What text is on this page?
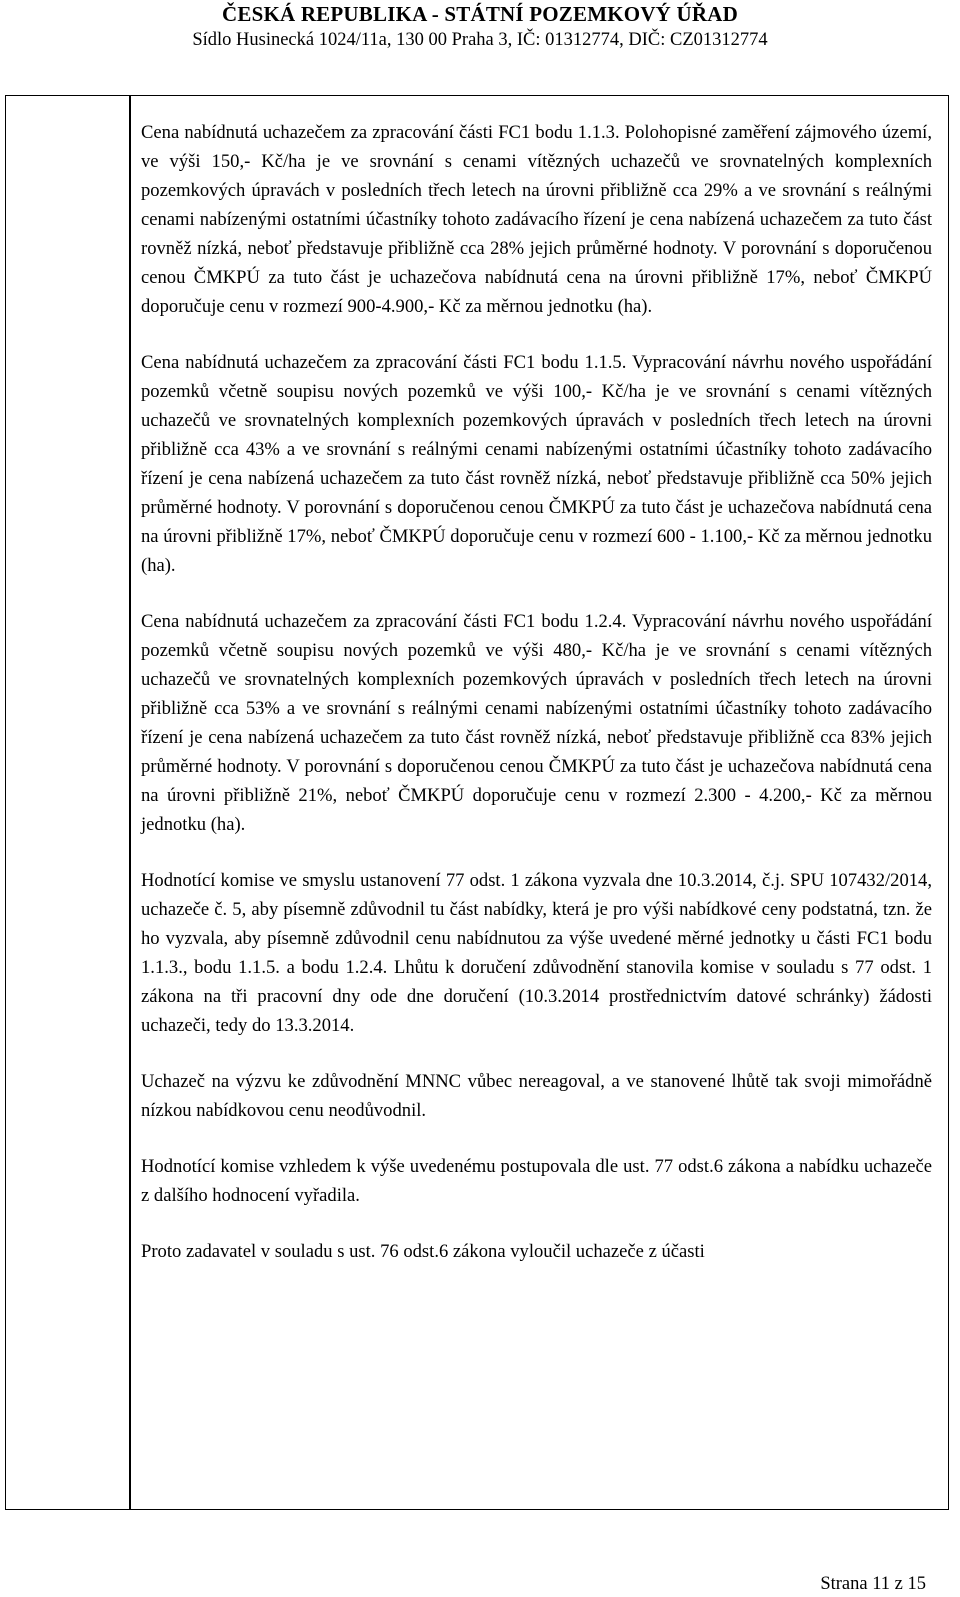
ČESKÁ REPUBLIKA - STÁTNÍ POZEMKOVÝ ÚŘAD
Sídlo Husinecká 1024/11a, 130 00 Praha 3, IČ: 01312774, DIČ: CZ01312774

Cena nabídnutá uchazečem za zpracování části FC1 bodu 1.1.3. Polohopisné zaměření zájmového území, ve výši 150,- Kč/ha je ve srovnání s cenami vítězných uchazečů ve srovnatelných komplexních pozemkových úpravách v posledních třech letech na úrovni přibližně cca 29% a ve srovnání s reálnými cenami nabízenými ostatními účastníky tohoto zadávacího řízení je cena nabízená uchazečem za tuto část rovněž nízká, neboť představuje přibližně cca 28% jejich průměrné hodnoty. V porovnání s doporučenou cenou ČMKPÚ za tuto část je uchazečova nabídnutá cena na úrovni přibližně 17%, neboť ČMKPÚ doporučuje cenu v rozmezí 900-4.900,- Kč za měrnou jednotku (ha).

Cena nabídnutá uchazečem za zpracování části FC1 bodu 1.1.5. Vypracování návrhu nového uspořádání pozemků včetně soupisu nových pozemků ve výši 100,- Kč/ha je ve srovnání s cenami vítězných uchazečů ve srovnatelných komplexních pozemkových úpravách v posledních třech letech na úrovni přibližně cca 43% a ve srovnání s reálnými cenami nabízenými ostatními účastníky tohoto zadávacího řízení je cena nabízená uchazečem za tuto část rovněž nízká, neboť představuje přibližně cca 50% jejich průměrné hodnoty. V porovnání s doporučenou cenou ČMKPÚ za tuto část je uchazečova nabídnutá cena na úrovni přibližně 17%, neboť ČMKPÚ doporučuje cenu v rozmezí 600 - 1.100,- Kč za měrnou jednotku (ha).

Cena nabídnutá uchazečem za zpracování části FC1 bodu 1.2.4. Vypracování návrhu nového uspořádání pozemků včetně soupisu nových pozemků ve výši 480,- Kč/ha je ve srovnání s cenami vítězných uchazečů ve srovnatelných komplexních pozemkových úpravách v posledních třech letech na úrovni přibližně cca 53% a ve srovnání s reálnými cenami nabízenými ostatními účastníky tohoto zadávacího řízení je cena nabízená uchazečem za tuto část rovněž nízká, neboť představuje přibližně cca 83% jejich průměrné hodnoty. V porovnání s doporučenou cenou ČMKPÚ za tuto část je uchazečova nabídnutá cena na úrovni přibližně 21%, neboť ČMKPÚ doporučuje cenu v rozmezí 2.300 - 4.200,- Kč za měrnou jednotku (ha).

Hodnotící komise ve smyslu ustanovení 77 odst. 1 zákona vyzvala dne 10.3.2014, č.j. SPU 107432/2014, uchazeče č. 5, aby písemně zdůvodnil tu část nabídky, která je pro výši nabídkové ceny podstatná, tzn. že ho vyzvala, aby písemně zdůvodnil cenu nabídnutou za výše uvedené měrné jednotky u části FC1 bodu 1.1.3., bodu 1.1.5. a bodu 1.2.4. Lhůtu k doručení zdůvodnění stanovila komise v souladu s 77 odst. 1 zákona na tři pracovní dny ode dne doručení (10.3.2014 prostřednictvím datové schránky) žádosti uchazeči, tedy do 13.3.2014.

Uchazeč na výzvu ke zdůvodnění MNNC vůbec nereagoval, a ve stanovené lhůtě tak svoji mimořádně nízkou nabídkovou cenu neodůvodnil.

Hodnotící komise vzhledem k výše uvedenému postupovala dle ust. 77 odst.6 zákona a nabídku uchazeče z dalšího hodnocení vyřadila.

Proto zadavatel v souladu s ust. 76 odst.6 zákona vyloučil uchazeče z účasti

Strana 11 z 15
